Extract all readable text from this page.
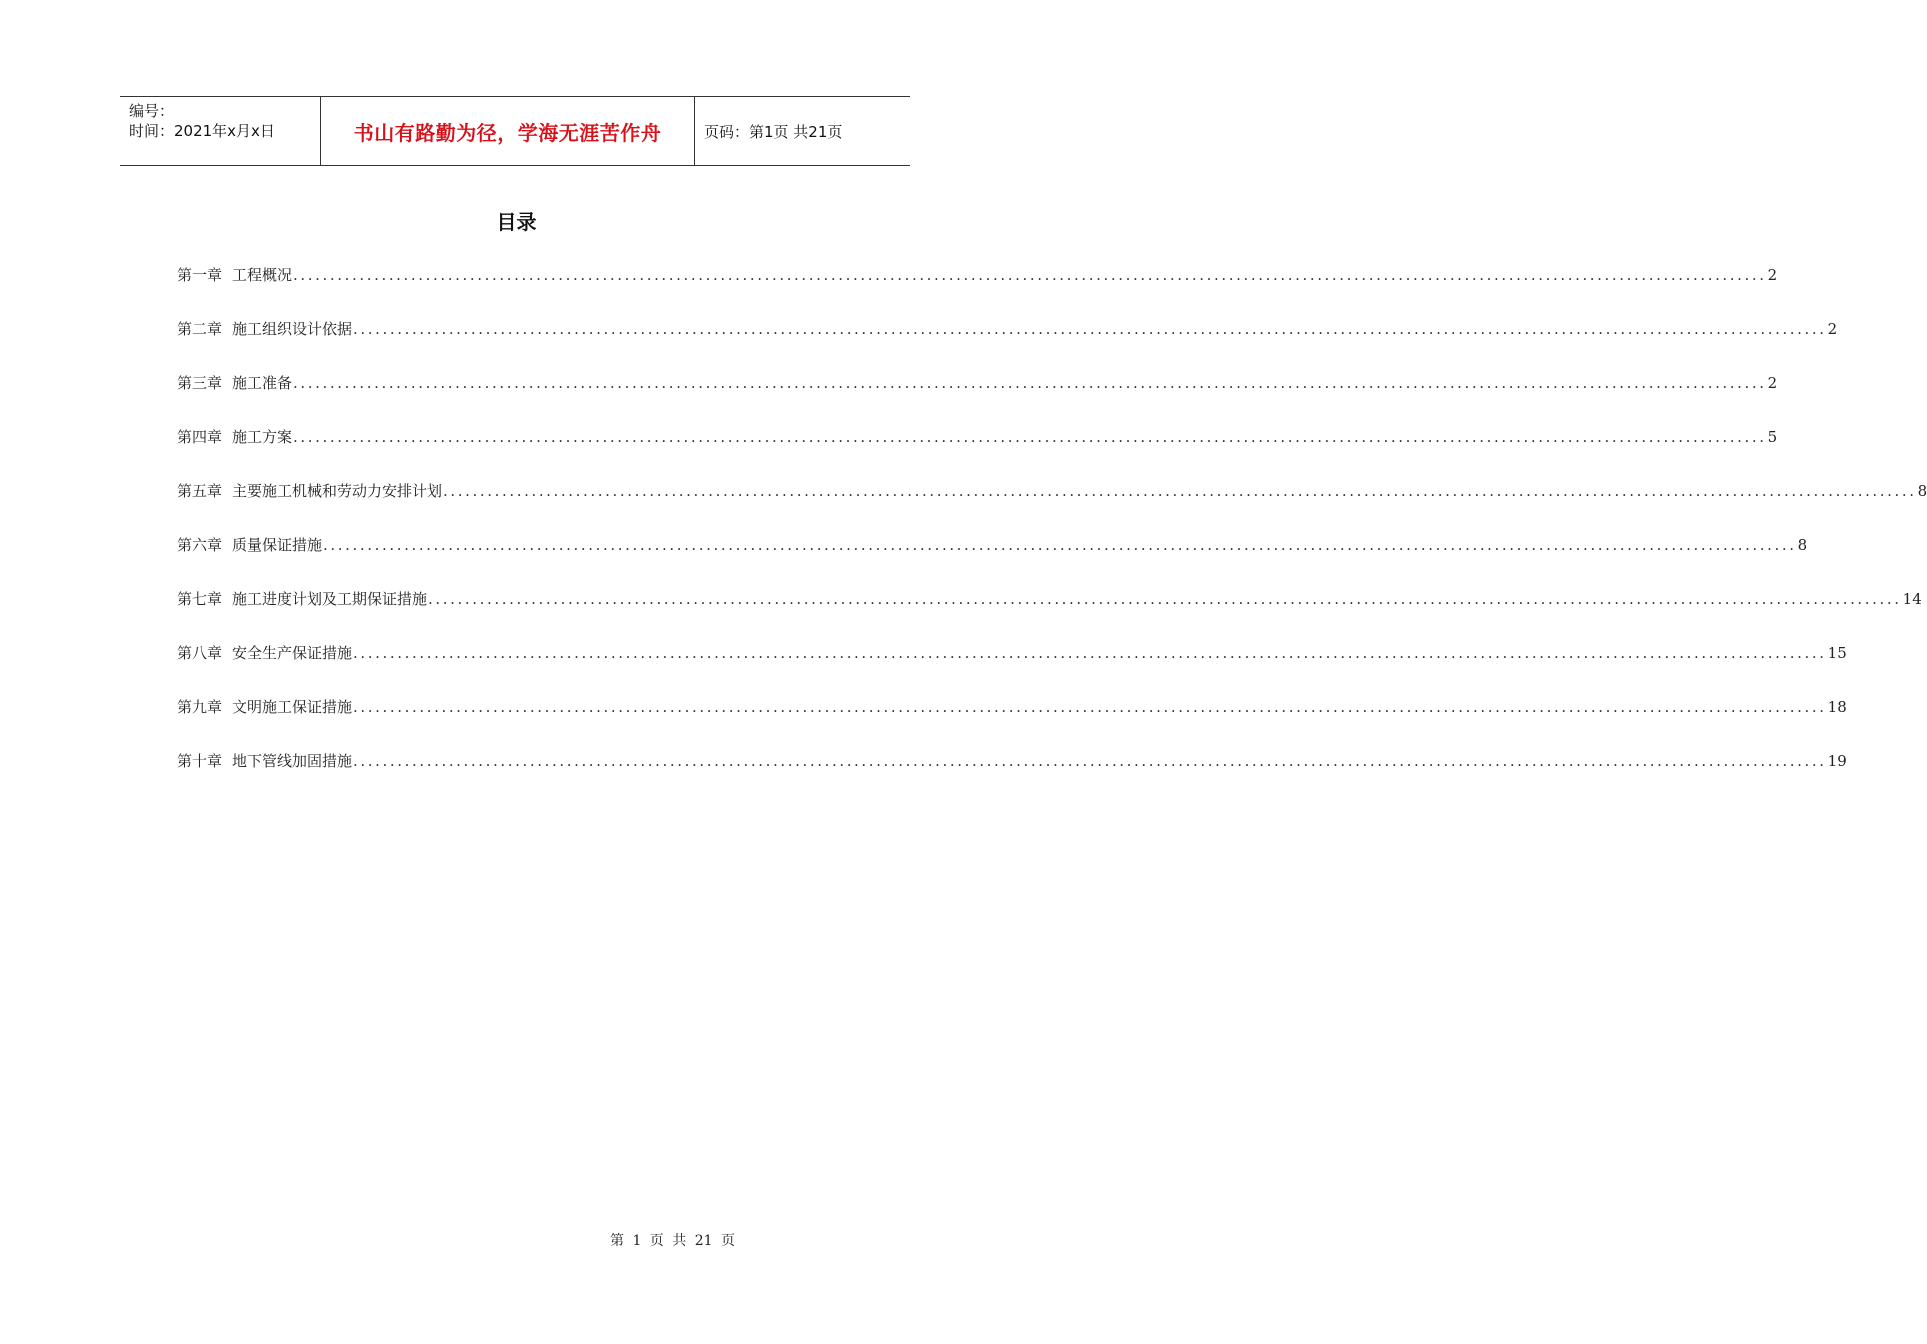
编号：
时间：2021年x月x日	书山有路勤为径，学海无涯苦作舟	页码：第1页 共21页
目录
第一章 工程概况 ........................................................................................................................................................................................................ 2
第二章 施工组织设计依据 ........................................................................................................................................................................................................ 2
第三章 施工准备 ........................................................................................................................................................................................................ 2
第四章 施工方案 ........................................................................................................................................................................................................ 5
第五章 主要施工机械和劳动力安排计划 ........................................................................................................................................................................................................ 8
第六章 质量保证措施 ........................................................................................................................................................................................................ 8
第七章 施工进度计划及工期保证措施 ........................................................................................................................................................................................................ 14
第八章 安全生产保证措施 ........................................................................................................................................................................................................ 15
第九章 文明施工保证措施 ........................................................................................................................................................................................................ 18
第十章 地下管线加固措施 ........................................................................................................................................................................................................ 19
第 1 页 共 21 页
